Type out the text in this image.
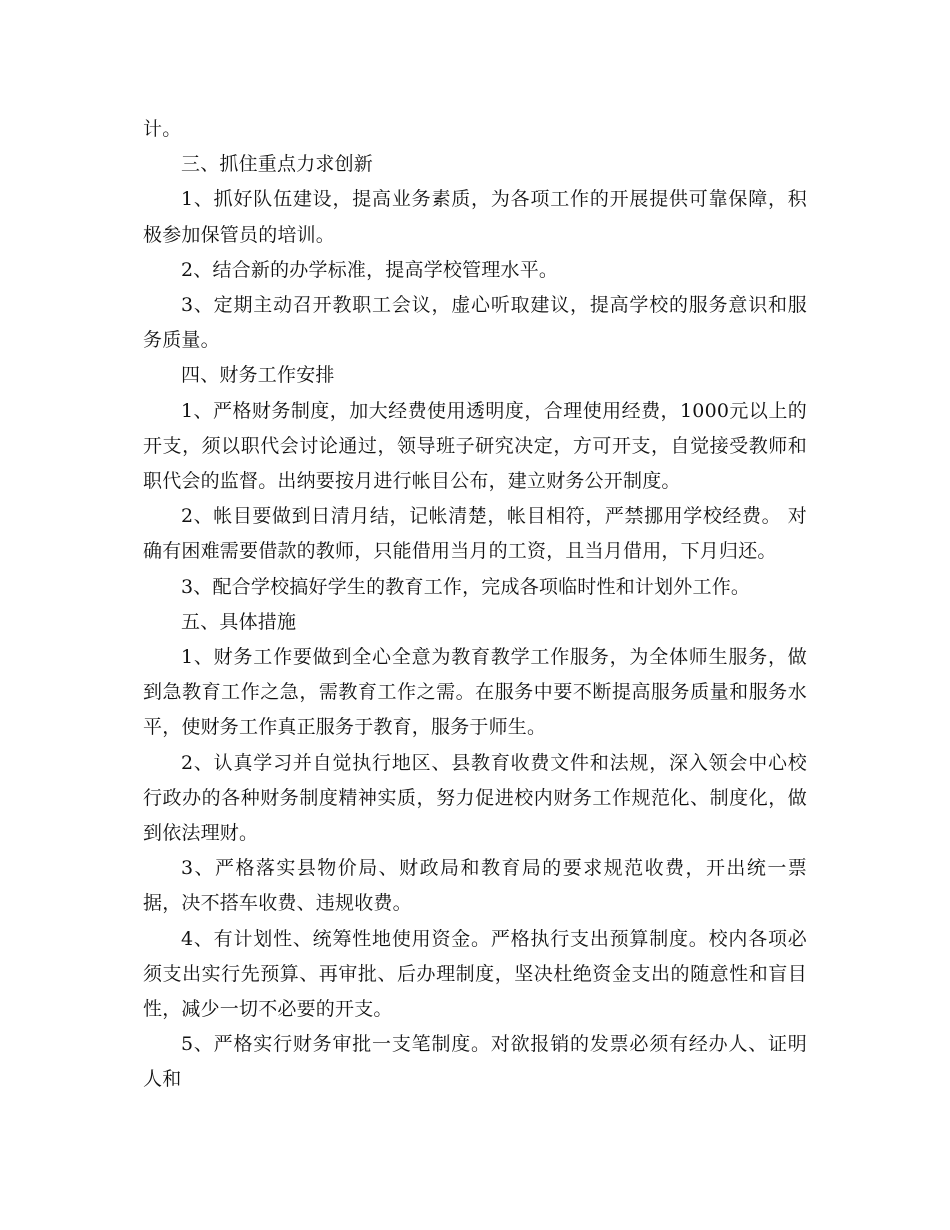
计。

三、抓住重点力求创新

1、抓好队伍建设，提高业务素质，为各项工作的开展提供可靠保障，积极参加保管员的培训。

2、结合新的办学标准，提高学校管理水平。

3、定期主动召开教职工会议，虚心听取建议，提高学校的服务意识和服务质量。

四、财务工作安排

1、严格财务制度，加大经费使用透明度，合理使用经费，1000元以上的开支，须以职代会讨论通过，领导班子研究决定，方可开支，自觉接受教师和职代会的监督。出纳要按月进行帐目公布，建立财务公开制度。

2、帐目要做到日清月结，记帐清楚，帐目相符，严禁挪用学校经费。 对确有困难需要借款的教师，只能借用当月的工资，且当月借用，下月归还。

3、配合学校搞好学生的教育工作，完成各项临时性和计划外工作。

五、具体措施

1、财务工作要做到全心全意为教育教学工作服务，为全体师生服务，做到急教育工作之急，需教育工作之需。在服务中要不断提高服务质量和服务水平，使财务工作真正服务于教育，服务于师生。

2、认真学习并自觉执行地区、县教育收费文件和法规，深入领会中心校行政办的各种财务制度精神实质，努力促进校内财务工作规范化、制度化，做到依法理财。

3、严格落实县物价局、财政局和教育局的要求规范收费，开出统一票据，决不搭车收费、违规收费。

4、有计划性、统筹性地使用资金。严格执行支出预算制度。校内各项必须支出实行先预算、再审批、后办理制度，坚决杜绝资金支出的随意性和盲目性，减少一切不必要的开支。

5、严格实行财务审批一支笔制度。对欲报销的发票必须有经办人、证明人和
